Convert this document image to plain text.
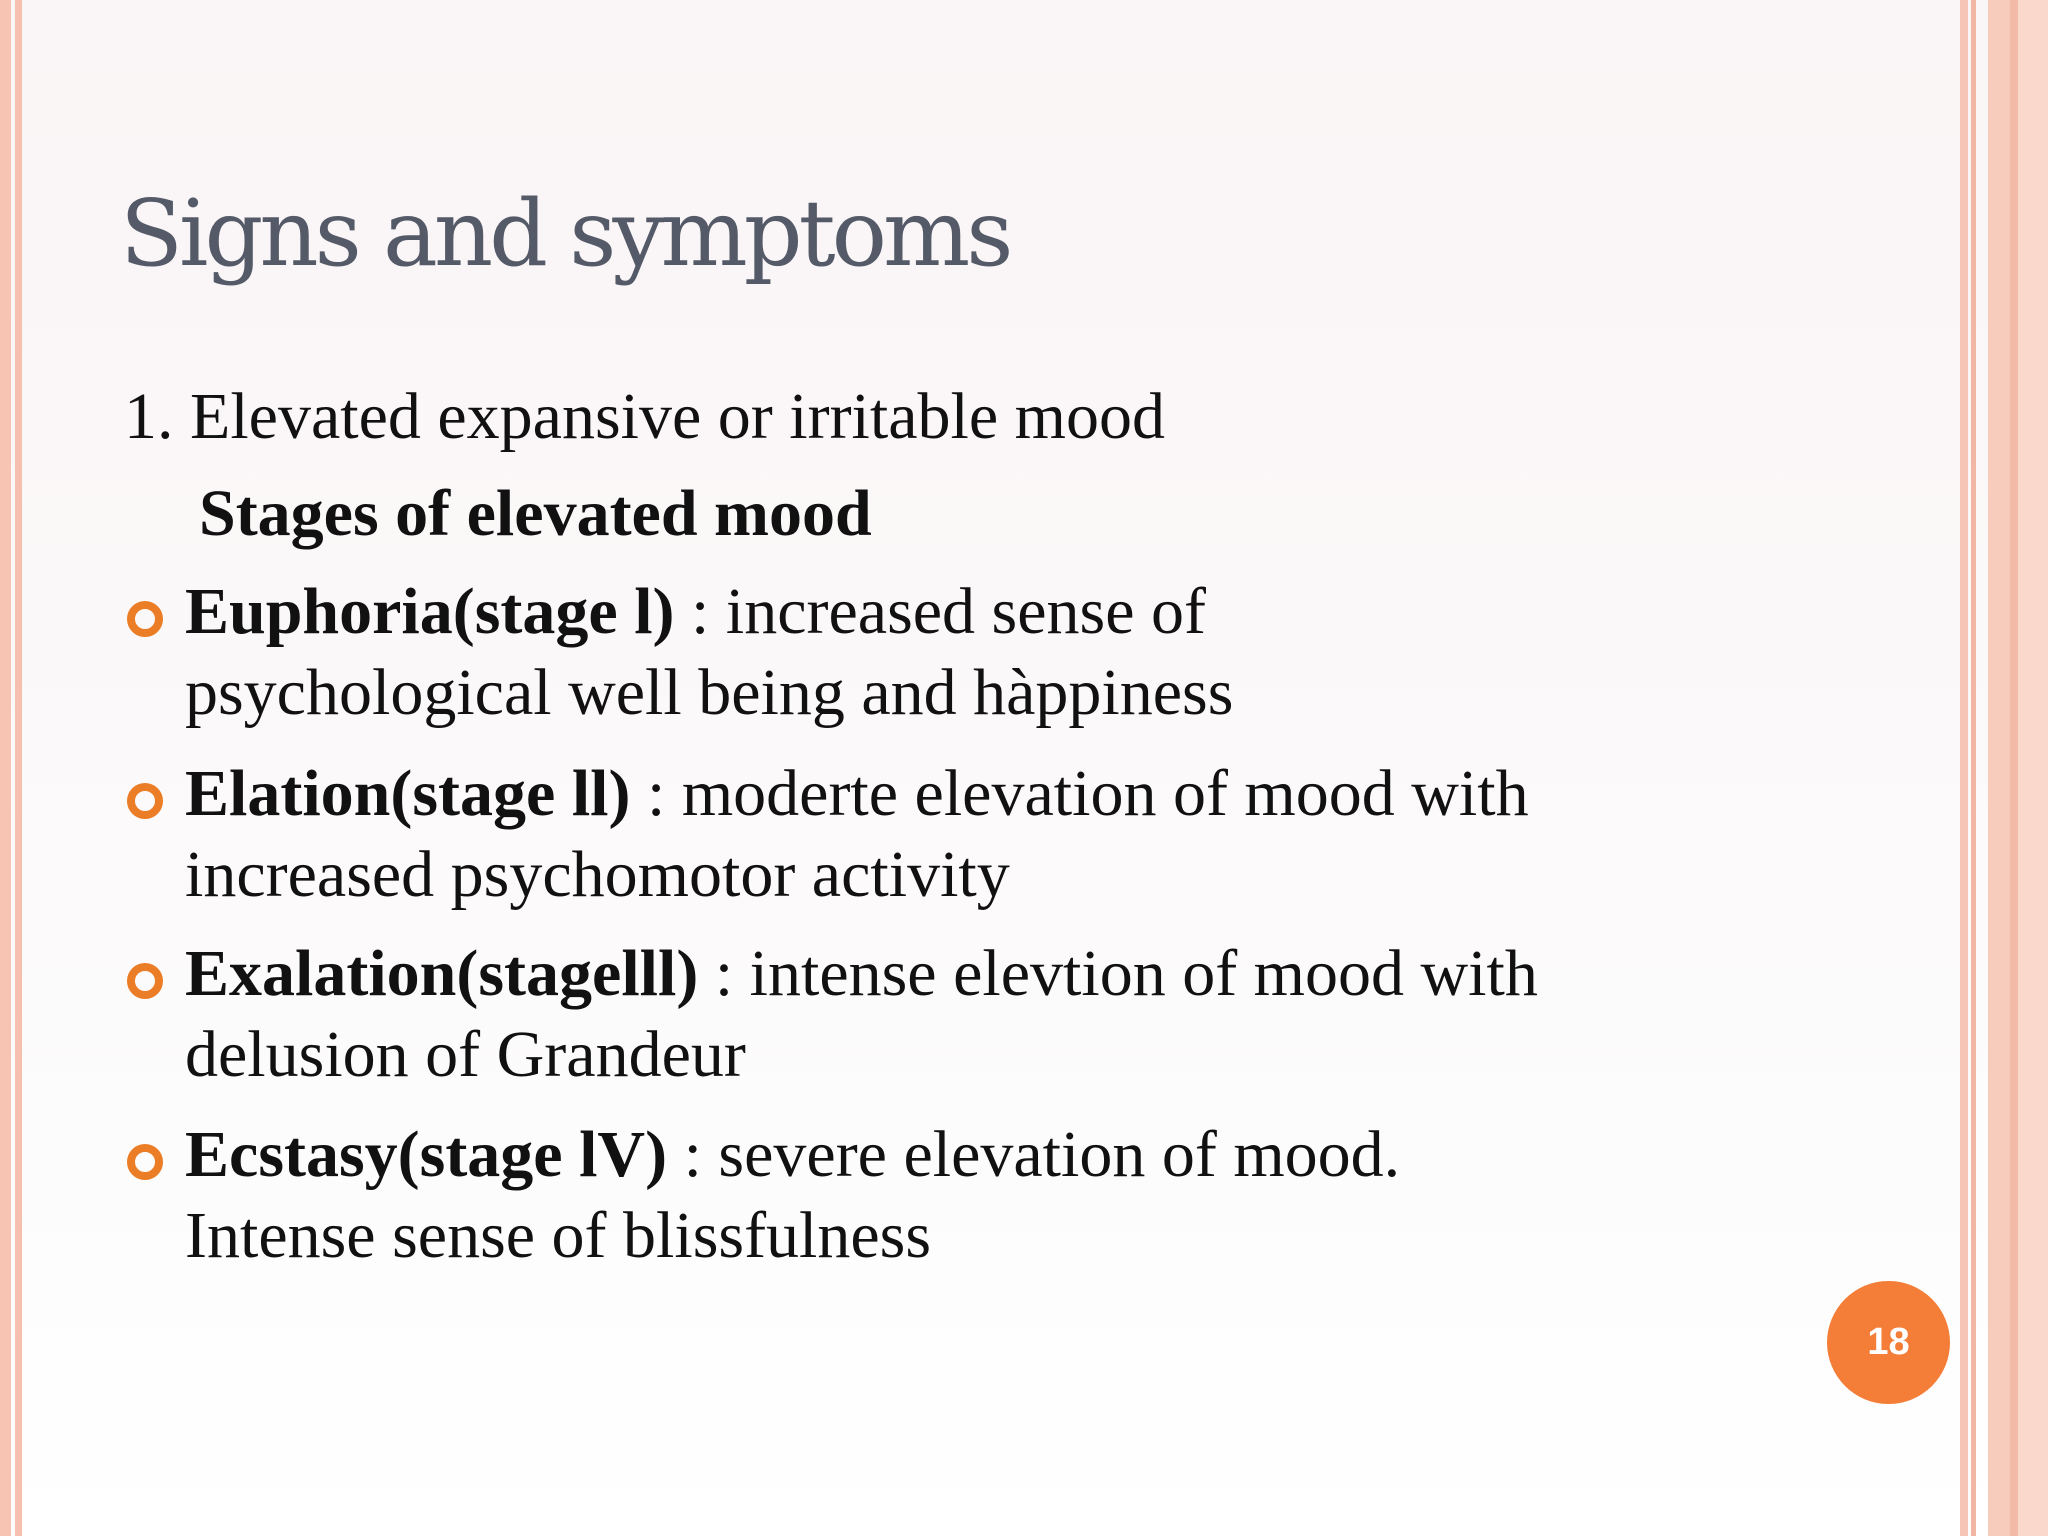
Signs and symptoms
1. Elevated expansive or irritable mood
Stages of elevated mood
Euphoria(stage l) : increased sense of
psychological well being and hàppiness
Elation(stage ll) : moderte elevation of mood with
increased psychomotor activity
Exalation(stagelll) : intense elevtion of mood with
delusion of Grandeur
Ecstasy(stage lV) : severe elevation of mood.
Intense sense of blissfulness
18
